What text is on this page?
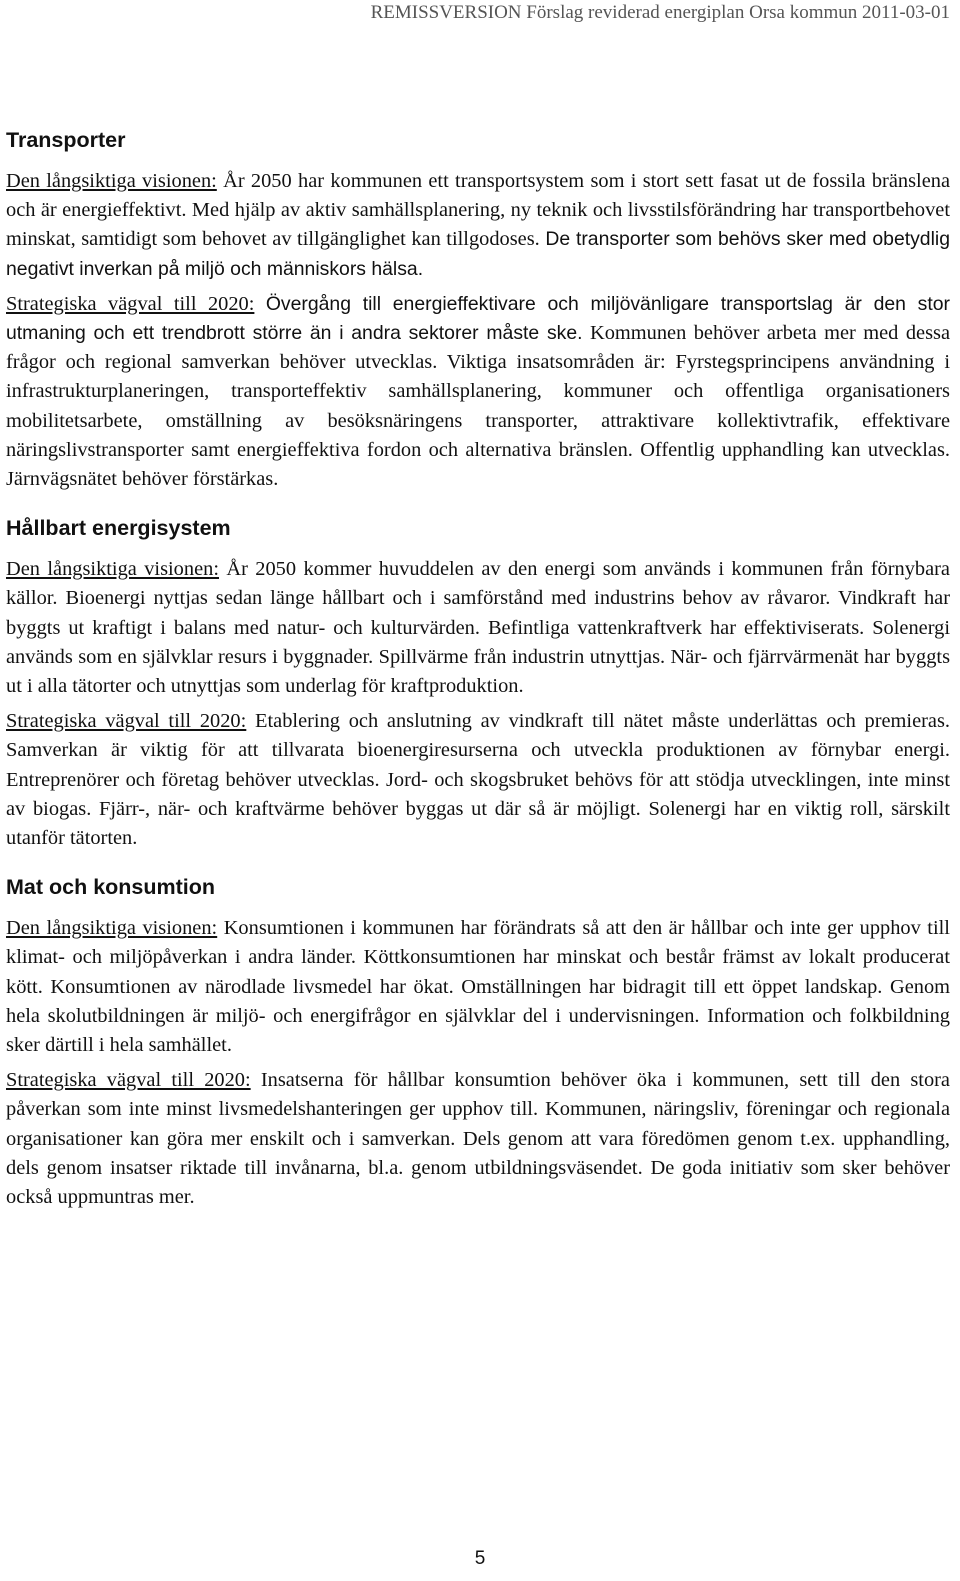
REMISSVERSION Förslag reviderad energiplan Orsa kommun 2011-03-01
Transporter

Den långsiktiga visionen: År 2050 har kommunen ett transportsystem som i stort sett fasat ut de fossila bränslena och är energieffektivt. Med hjälp av aktiv samhällsplanering, ny teknik och livsstilsförändring har transportbehovet minskat, samtidigt som behovet av tillgänglighet kan tillgodoses. De transporter som behövs sker med obetydlig negativt inverkan på miljö och människors hälsa.

Strategiska vägval till 2020: Övergång till energieffektivare och miljövänligare transportslag är den stor utmaning och ett trendbrott större än i andra sektorer måste ske. Kommunen behöver arbeta mer med dessa frågor och regional samverkan behöver utvecklas. Viktiga insatsområden är: Fyrstegsprincipens användning i infrastrukturplaneringen, transporteffektiv samhällsplanering, kommuner och offentliga organisationers mobilitetsarbete, omställning av besöksnäringens transporter, attraktivare kollektivtrafik, effektivare näringslivstransporter samt energieffektiva fordon och alternativa bränslen. Offentlig upphandling kan utvecklas. Järnvägsnätet behöver förstärkas.

Hållbart energisystem

Den långsiktiga visionen: År 2050 kommer huvuddelen av den energi som används i kommunen från förnybara källor. Bioenergi nyttjas sedan länge hållbart och i samförstånd med industrins behov av råvaror. Vindkraft har byggts ut kraftigt i balans med natur- och kulturvärden. Befintliga vattenkraftverk har effektiviserats. Solenergi används som en självklar resurs i byggnader. Spillvärme från industrin utnyttjas. När- och fjärrvärmenät har byggts ut i alla tätorter och utnyttjas som underlag för kraftproduktion.

Strategiska vägval till 2020: Etablering och anslutning av vindkraft till nätet måste underlättas och premieras. Samverkan är viktig för att tillvarata bioenergiresurserna och utveckla produktionen av förnybar energi. Entreprenörer och företag behöver utvecklas. Jord- och skogsbruket behövs för att stödja utvecklingen, inte minst av biogas. Fjärr-, när- och kraftvärme behöver byggas ut där så är möjligt. Solenergi har en viktig roll, särskilt utanför tätorten.

Mat och konsumtion

Den långsiktiga visionen: Konsumtionen i kommunen har förändrats så att den är hållbar och inte ger upphov till klimat- och miljöpåverkan i andra länder. Köttkonsumtionen har minskat och består främst av lokalt producerat kött. Konsumtionen av närodlade livsmedel har ökat. Omställningen har bidragit till ett öppet landskap. Genom hela skolutbildningen är miljö- och energifrågor en självklar del i undervisningen. Information och folkbildning sker därtill i hela samhället.

Strategiska vägval till 2020: Insatserna för hållbar konsumtion behöver öka i kommunen, sett till den stora påverkan som inte minst livsmedelshanteringen ger upphov till. Kommunen, näringsliv, föreningar och regionala organisationer kan göra mer enskilt och i samverkan. Dels genom att vara föredömen genom t.ex. upphandling, dels genom insatser riktade till invånarna, bl.a. genom utbildningsväsendet. De goda initiativ som sker behöver också uppmuntras mer.

5
